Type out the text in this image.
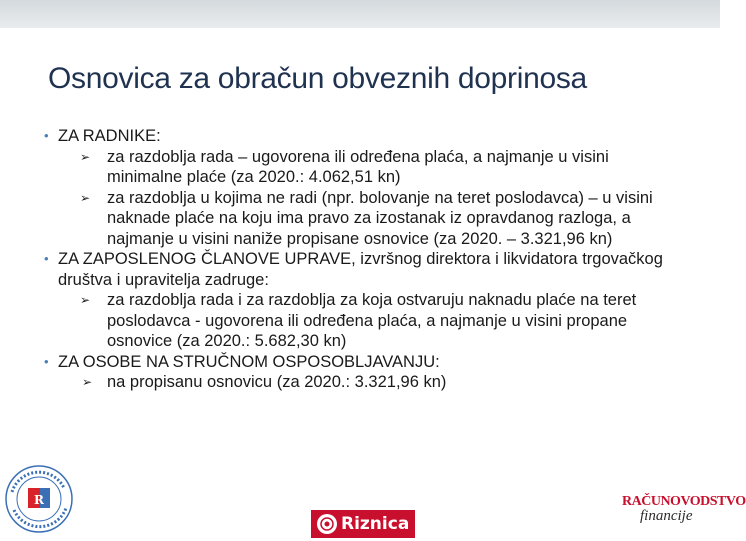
Osnovica za obračun obveznih doprinosa
• ZA RADNIKE:
➢ za razdoblja rada – ugovorena ili određena plaća, a najmanje u visini minimalne plaće (za 2020.: 4.062,51 kn)
➢ za razdoblja u kojima ne radi (npr. bolovanje na teret poslodavca) – u visini naknade plaće na koju ima pravo za izostanak iz opravdanog razloga, a najmanje u visini naniže propisane osnovice (za 2020. – 3.321,96 kn)
• ZA ZAPOSLENOG ČLANOVE UPRAVE, izvršnog direktora i likvidatora trgovačkog društva i upravitelja zadruge:
➢ za razdoblja rada i za razdoblja za koja ostvaruju naknadu plaće na teret poslodavca - ugovorena ili određena plaća, a najmanje u visini propane osnovice (za 2020.: 5.682,30 kn)
• ZA OSOBE NA STRUČNOM OSPOSOBLJAVANJU:
➢ na propisanu osnovicu (za 2020.: 3.321,96 kn)
R
Riznica
RAČUNOVODSTVO
financije
